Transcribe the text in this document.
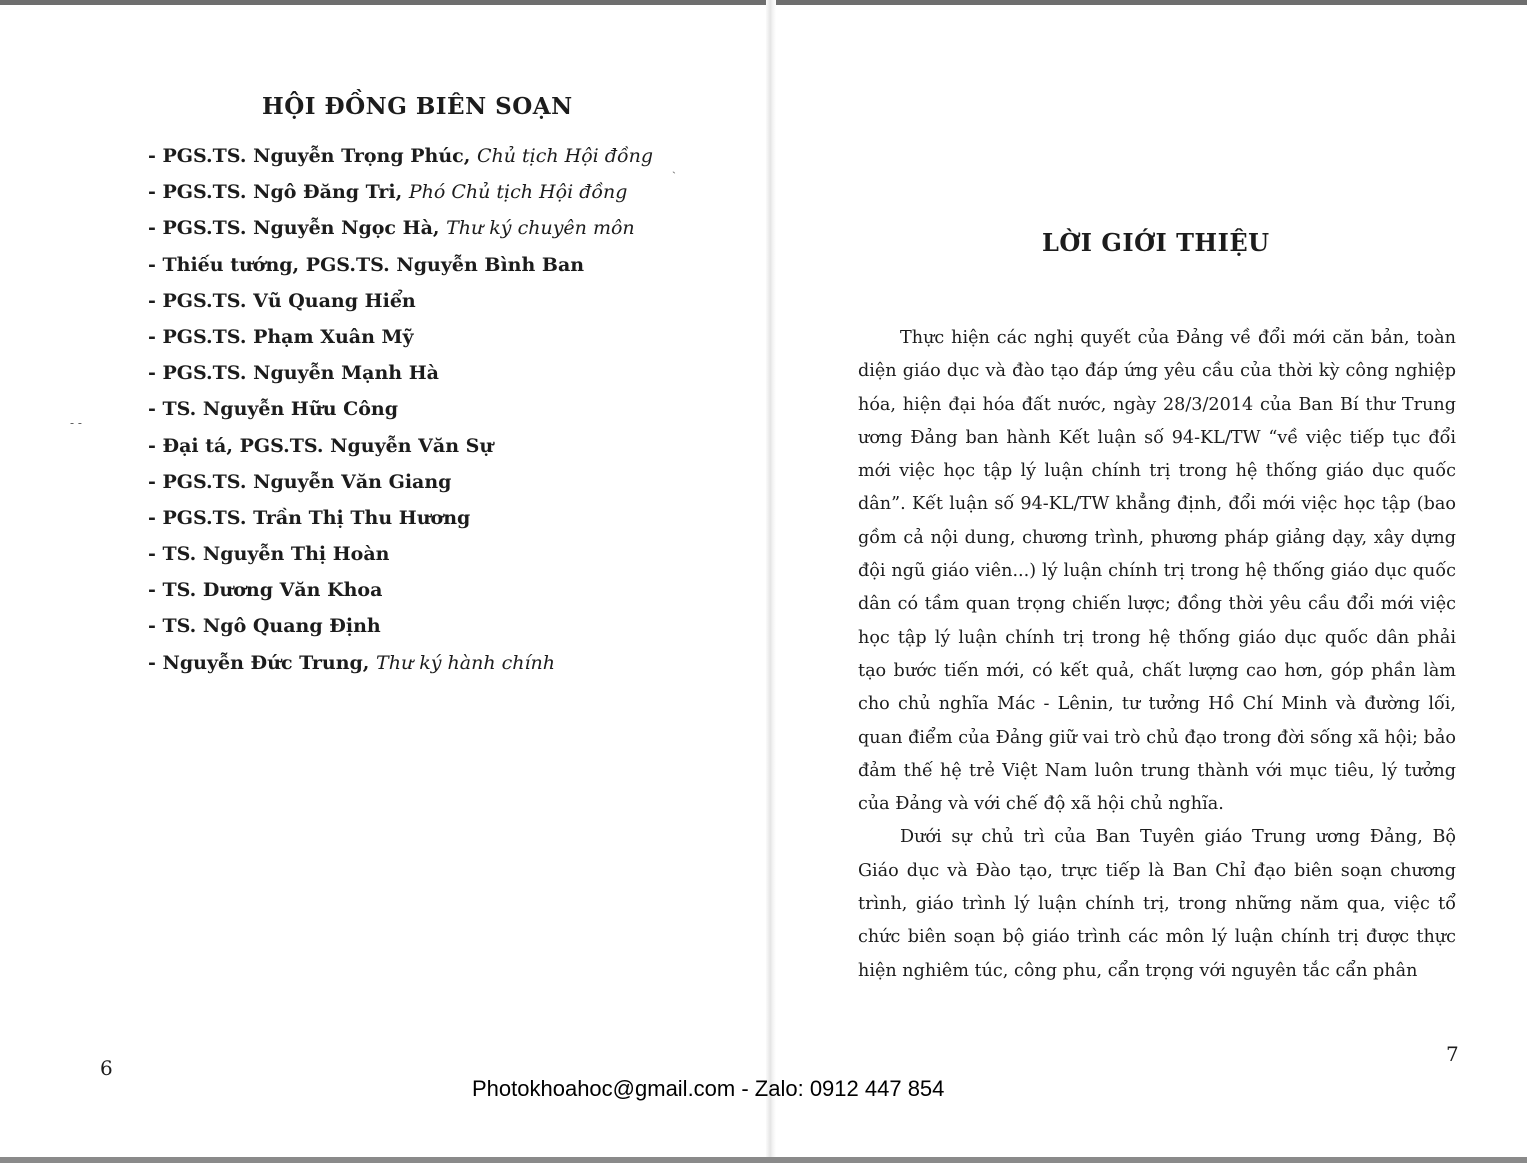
HỘI ĐỒNG BIÊN SOẠN
- PGS.TS. Nguyễn Trọng Phúc, Chủ tịch Hội đồng
- PGS.TS. Ngô Đăng Tri, Phó Chủ tịch Hội đồng
- PGS.TS. Nguyễn Ngọc Hà, Thư ký chuyên môn
- Thiếu tướng, PGS.TS. Nguyễn Bình Ban
- PGS.TS. Vũ Quang Hiển
- PGS.TS. Phạm Xuân Mỹ
- PGS.TS. Nguyễn Mạnh Hà
- TS. Nguyễn Hữu Công
- Đại tá, PGS.TS. Nguyễn Văn Sự
- PGS.TS. Nguyễn Văn Giang
- PGS.TS. Trần Thị Thu Hương
- TS. Nguyễn Thị Hoàn
- TS. Dương Văn Khoa
- TS. Ngô Quang Định
- Nguyễn Đức Trung, Thư ký hành chính
ˏ
- -
6
LỜI GIỚI THIỆU

Thực hiện các nghị quyết của Đảng về đổi mới căn bản, toàn diện giáo dục và đào tạo đáp ứng yêu cầu của thời kỳ công nghiệp hóa, hiện đại hóa đất nước, ngày 28/3/2014 của Ban Bí thư Trung ương Đảng ban hành Kết luận số 94-KL/TW “về việc tiếp tục đổi mới việc học tập lý luận chính trị trong hệ thống giáo dục quốc dân”. Kết luận số 94-KL/TW khẳng định, đổi mới việc học tập (bao gồm cả nội dung, chương trình, phương pháp giảng dạy, xây dựng đội ngũ giáo viên...) lý luận chính trị trong hệ thống giáo dục quốc dân có tầm quan trọng chiến lược; đồng thời yêu cầu đổi mới việc học tập lý luận chính trị trong hệ thống giáo dục quốc dân phải tạo bước tiến mới, có kết quả, chất lượng cao hơn, góp phần làm cho chủ nghĩa Mác - Lênin, tư tưởng Hồ Chí Minh và đường lối, quan điểm của Đảng giữ vai trò chủ đạo trong đời sống xã hội; bảo đảm thế hệ trẻ Việt Nam luôn trung thành với mục tiêu, lý tưởng của Đảng và với chế độ xã hội chủ nghĩa.

Dưới sự chủ trì của Ban Tuyên giáo Trung ương Đảng, Bộ Giáo dục và Đào tạo, trực tiếp là Ban Chỉ đạo biên soạn chương trình, giáo trình lý luận chính trị, trong những năm qua, việc tổ chức biên soạn bộ giáo trình các môn lý luận chính trị được thực hiện nghiêm túc, công phu, cẩn trọng với nguyên tắc cẩn phân

7
Photokhoahoc@gmail.com - Zalo: 0912 447 854
